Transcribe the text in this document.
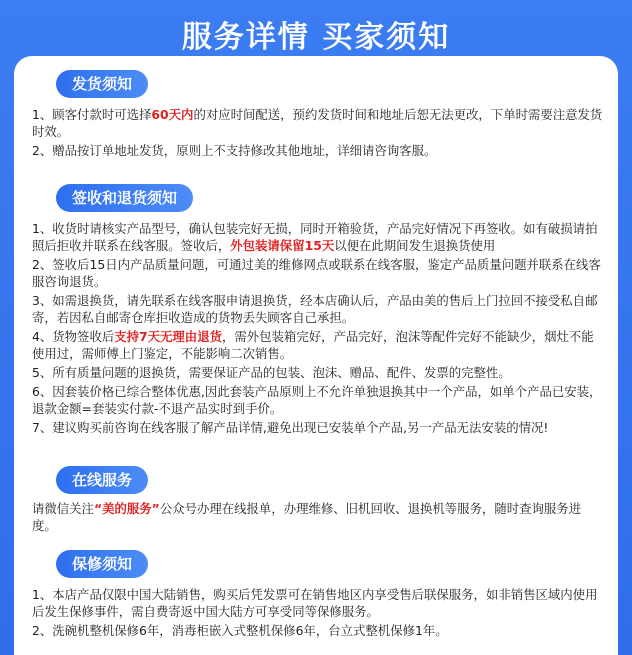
服务详情 买家须知
发货须知
1、顾客付款时可选择60天内的对应时间配送，预约发货时间和地址后恕无法更改，下单时需要注意发货时效。
2、赠品按订单地址发货，原则上不支持修改其他地址，详细请咨询客服。
签收和退货须知
1、收货时请核实产品型号，确认包装完好无损，同时开箱验货，产品完好情况下再签收。如有破损请拍照后拒收并联系在线客服。签收后，外包装请保留15天以便在此期间发生退换货使用
2、签收后15日内产品质量问题，可通过美的维修网点或联系在线客服，鉴定产品质量问题并联系在线客服咨询退货。
3、如需退换货，请先联系在线客服申请退换货，经本店确认后，产品由美的售后上门拉回不接受私自邮寄，若因私自邮寄仓库拒收造成的货物丢失顾客自己承担。
4、货物签收后支持7天无理由退货，需外包装箱完好，产品完好，泡沫等配件完好不能缺少，烟灶不能使用过，需师傅上门鉴定，不能影响二次销售。
5、所有质量问题的退换货，需要保证产品的包装、泡沫、赠品、配件、发票的完整性。
6、因套装价格已综合整体优惠,因此套装产品原则上不允许单独退换其中一个产品，如单个产品已安装，退款金额=套装实付款-不退产品实时到手价。
7、建议购买前咨询在线客服了解产品详情,避免出现已安装单个产品,另一产品无法安装的情况!
在线服务
请微信关注“美的服务”公众号办理在线报单，办理维修、旧机回收、退换机等服务，随时查询服务进度。
保修须知
1、本店产品仅限中国大陆销售，购买后凭发票可在销售地区内享受售后联保服务，如非销售区域内使用后发生保修事件，需自费寄返中国大陆方可享受同等保修服务。
2、洗碗机整机保修6年，消毒柜嵌入式整机保修6年，台立式整机保修1年。
